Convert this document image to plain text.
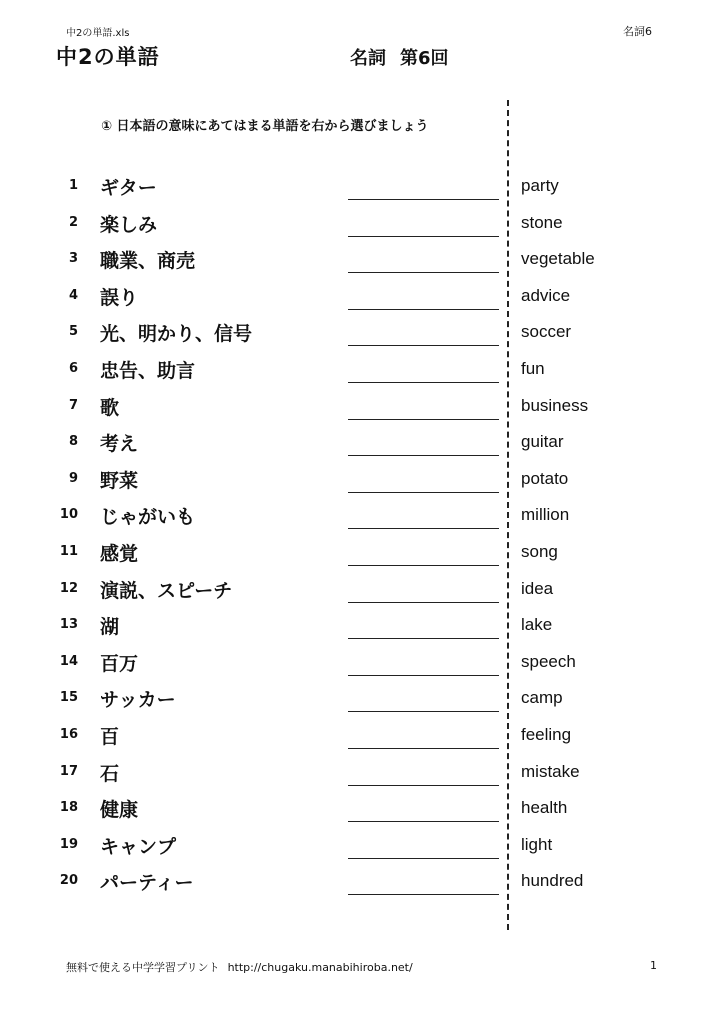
中2の単語.xls	名詞6
中2の単語	名詞 第6回
① 日本語の意味にあてはまる単語を右から選びましょう
1 ギター	party
2 楽しみ	stone
3 職業、商売	vegetable
4 誤り	advice
5 光、明かり、信号	soccer
6 忠告、助言	fun
7 歌	business
8 考え	guitar
9 野菜	potato
10 じゃがいも	million
11 感覚	song
12 演説、スピーチ	idea
13 湖	lake
14 百万	speech
15 サッカー	camp
16 百	feeling
17 石	mistake
18 健康	health
19 キャンプ	light
20 パーティー	hundred
無料で使える中学学習プリント http://chugaku.manabihiroba.net/	1
